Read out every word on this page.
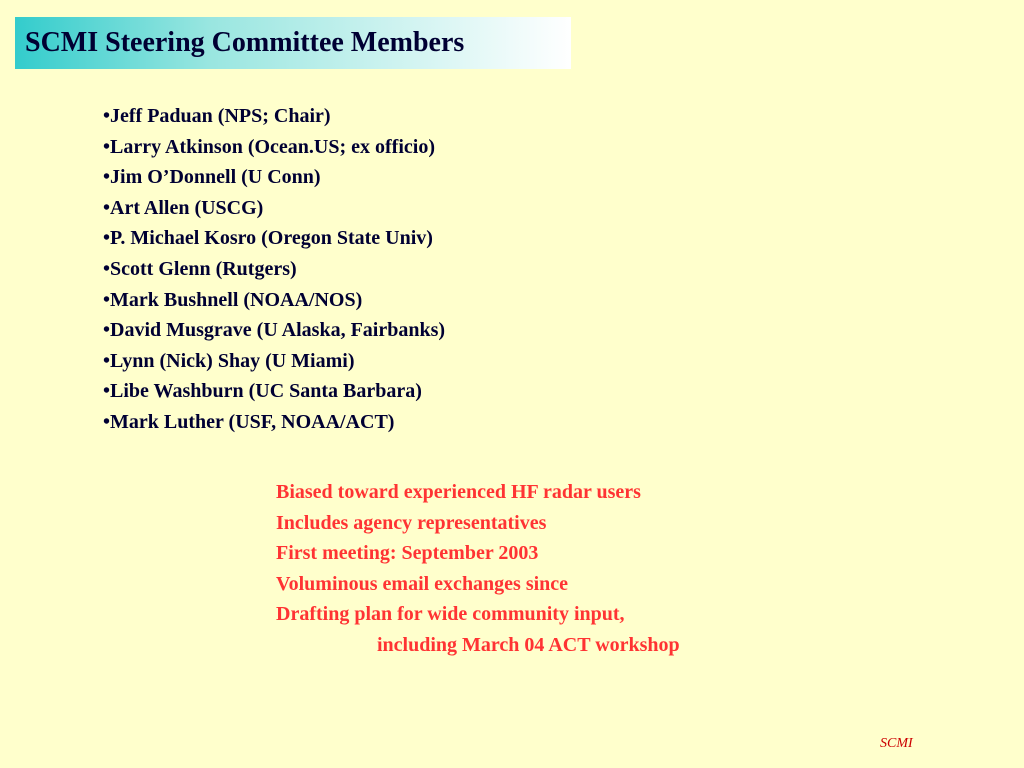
SCMI Steering Committee Members
• Jeff Paduan (NPS; Chair)
• Larry Atkinson (Ocean.US; ex officio)
• Jim O’Donnell (U Conn)
• Art Allen (USCG)
• P. Michael Kosro (Oregon State Univ)
• Scott Glenn (Rutgers)
• Mark Bushnell (NOAA/NOS)
• David Musgrave (U Alaska, Fairbanks)
• Lynn (Nick) Shay (U Miami)
• Libe Washburn (UC Santa Barbara)
• Mark Luther (USF, NOAA/ACT)
Biased toward experienced HF radar users
Includes agency representatives
First meeting: September 2003
Voluminous email exchanges since
Drafting plan for wide community input,
including March 04 ACT workshop
SCMI
